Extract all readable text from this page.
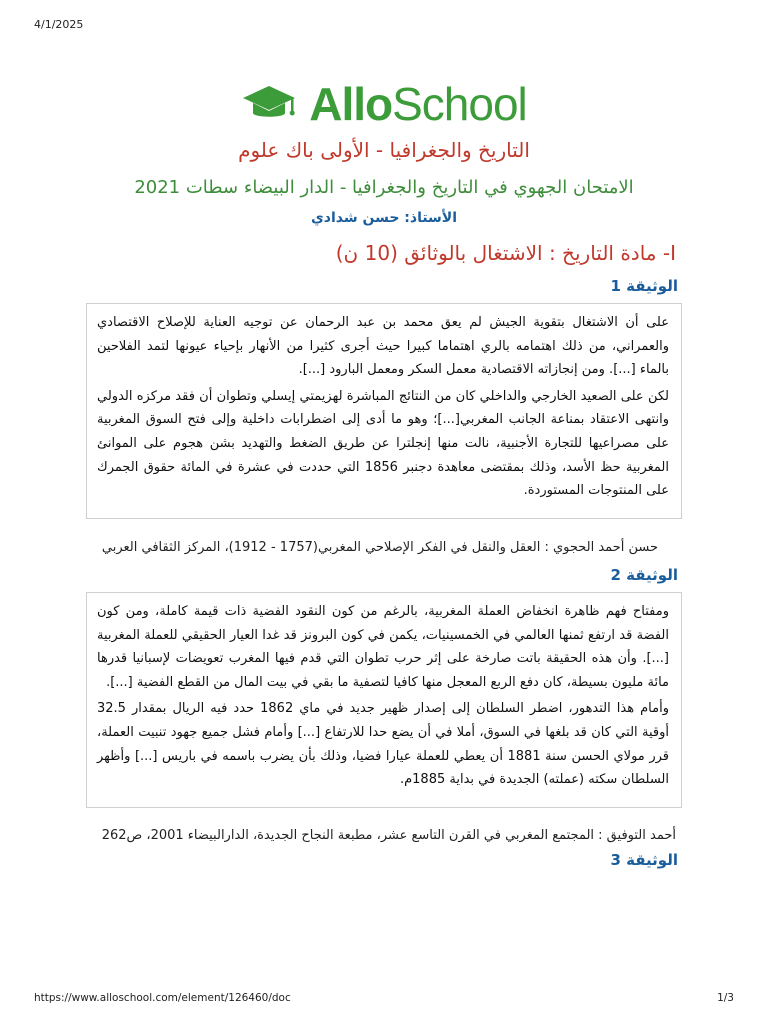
4/1/2025
AlloSchool
التاريخ والجغرافيا - الأولى باك علوم
الامتحان الجهوي في التاريخ والجغرافيا - الدار البيضاء سطات 2021
الأستاذ: حسن شدادي
I- مادة التاريخ : الاشتغال بالوثائق (10 ن)
الوثيقة 1

على أن الاشتغال بتقوية الجيش لم يعق محمد بن عبد الرحمان عن توجيه العناية للإصلاح الاقتصادي والعمراني، من ذلك اهتمامه بالري اهتماما كبيرا حيث أجرى كثيرا من الأنهار بإحياء عيونها لتمد الفلاحين بالماء [...]. ومن إنجازاته الاقتصادية معمل السكر ومعمل البارود [...].

لكن على الصعيد الخارجي والداخلي كان من النتائج المباشرة لهزيمتي إيسلي وتطوان أن فقد مركزه الدولي وانتهى الاعتقاد بمناعة الجانب المغربي[...]؛ وهو ما أدى إلى اضطرابات داخلية وإلى فتح السوق المغربية على مصراعيها للتجارة الأجنبية، نالت منها إنجلترا عن طريق الضغط والتهديد بشن هجوم على الموانئ المغربية حظ الأسد، وذلك بمقتضى معاهدة دجنبر 1856 التي حددت في عشرة في المائة حقوق الجمرك على المنتوجات المستوردة.

حسن أحمد الحجوي : العقل والنقل في الفكر الإصلاحي المغربي(1757 - 1912)، المركز الثقافي العربي
الوثيقة 2

ومفتاح فهم ظاهرة انخفاض العملة المغربية، بالرغم من كون النقود الفضية ذات قيمة كاملة، ومن كون الفضة قد ارتفع ثمنها العالمي في الخمسينيات، يكمن في كون البرونز قد غدا العيار الحقيقي للعملة المغربية [...]. وأن هذه الحقيقة باتت صارخة على إثر حرب تطوان التي قدم فيها المغرب تعويضات لإسبانيا قدرها مائة مليون بسيطة، كان دفع الربع المعجل منها كافيا لتصفية ما بقي في بيت المال من القطع الفضية [...].

وأمام هذا التدهور، اضطر السلطان إلى إصدار ظهير جديد في ماي 1862 حدد فيه الريال بمقدار 32.5 أوقية التي كان قد بلغها في السوق، أملا في أن يضع حدا للارتفاع [...] وأمام فشل جميع جهود تنبيت العملة، قرر مولاي الحسن سنة 1881 أن يعطي للعملة عيارا فضيا، وذلك بأن يضرب باسمه في باريس [...] وأظهر السلطان سكته (عملته) الجديدة في بداية 1885م.

أحمد التوفيق : المجتمع المغربي في القرن التاسع عشر، مطبعة النجاح الجديدة، الدارالبيضاء 2001، ص262
الوثيقة 3
https://www.alloschool.com/element/126460/doc	1/3
